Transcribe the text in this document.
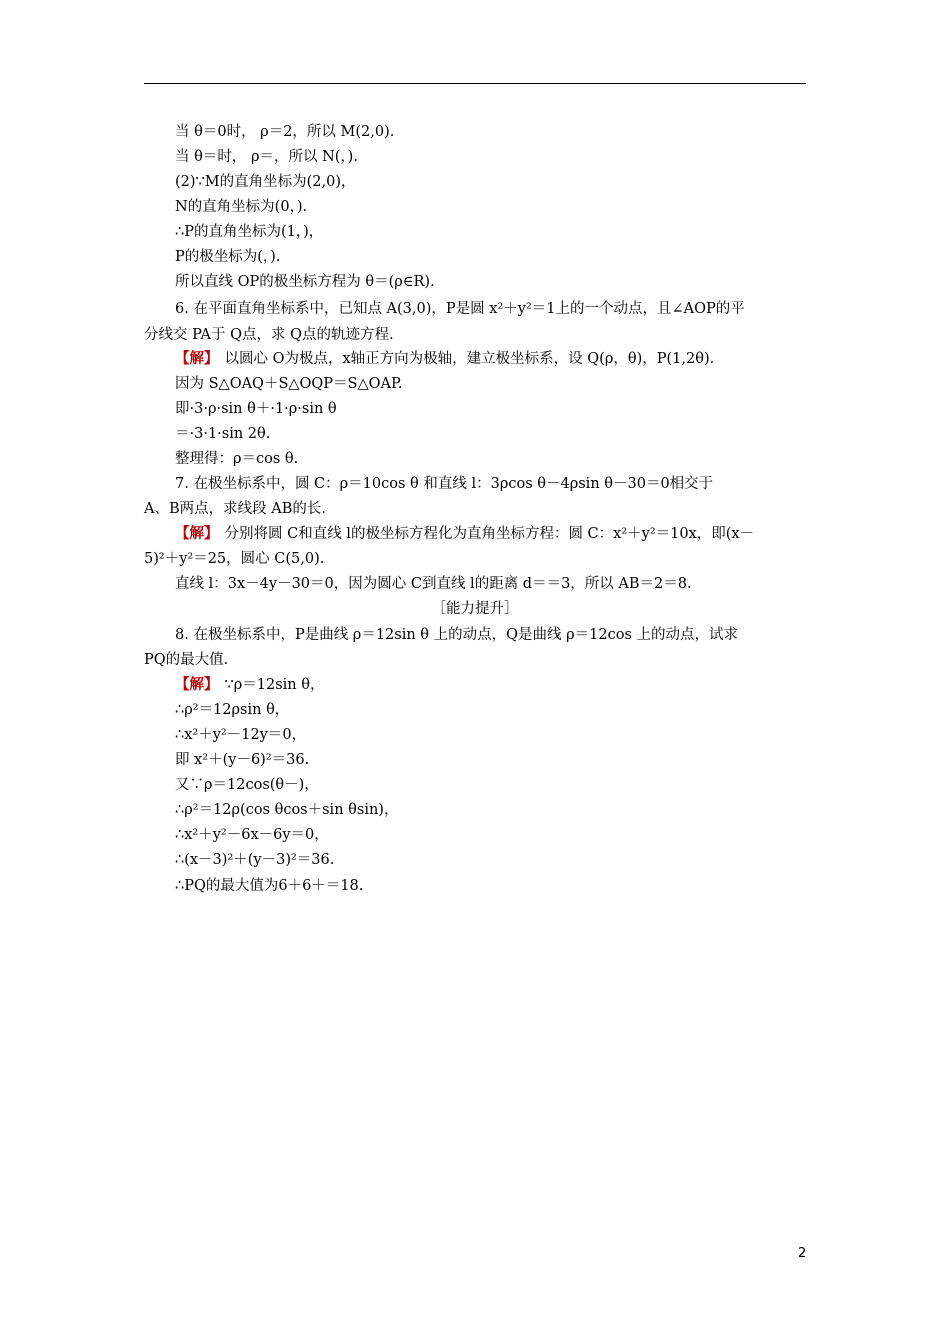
当 θ＝0时， ρ＝2，所以 M(2,0).
当 θ＝时， ρ＝，所以 N(，).
(2)∵M的直角坐标为(2,0)，
N的直角坐标为(0，).
∴P的直角坐标为(1，)，
P的极坐标为(，).
所以直线 OP的极坐标方程为 θ＝(ρ∈R).
6. 在平面直角坐标系中，已知点 A(3,0)，P是圆 x²＋y²＝1上的一个动点，且∠AOP的平
分线交 PA于 Q点，求 Q点的轨迹方程.
【解】 以圆心 O为极点，x轴正方向为极轴，建立极坐标系，设 Q(ρ，θ)，P(1,2θ).
因为 S△OAQ＋S△OQP＝S△OAP.
即·3·ρ·sin θ＋·1·ρ·sin θ
＝·3·1·sin 2θ.
整理得：ρ＝cos θ.
7. 在极坐标系中，圆 C：ρ＝10cos θ 和直线 l：3ρcos θ－4ρsin θ－30＝0相交于
A、B两点，求线段 AB的长.
【解】 分别将圆 C和直线 l的极坐标方程化为直角坐标方程：圆 C：x²＋y²＝10x，即(x－
5)²＋y²＝25，圆心 C(5,0).
直线 l：3x－4y－30＝0，因为圆心 C到直线 l的距离 d＝＝3，所以 AB＝2＝8.
［能力提升］
8. 在极坐标系中，P是曲线 ρ＝12sin θ 上的动点，Q是曲线 ρ＝12cos 上的动点，试求
PQ的最大值.
【解】 ∵ρ＝12sin θ，
∴ρ²＝12ρsin θ，
∴x²＋y²－12y＝0，
即 x²＋(y－6)²＝36.
又∵ρ＝12cos(θ－)，
∴ρ²＝12ρ(cos θcos＋sin θsin)，
∴x²＋y²－6x－6y＝0，
∴(x－3)²＋(y－3)²＝36.
∴PQ的最大值为6＋6＋＝18.
2
